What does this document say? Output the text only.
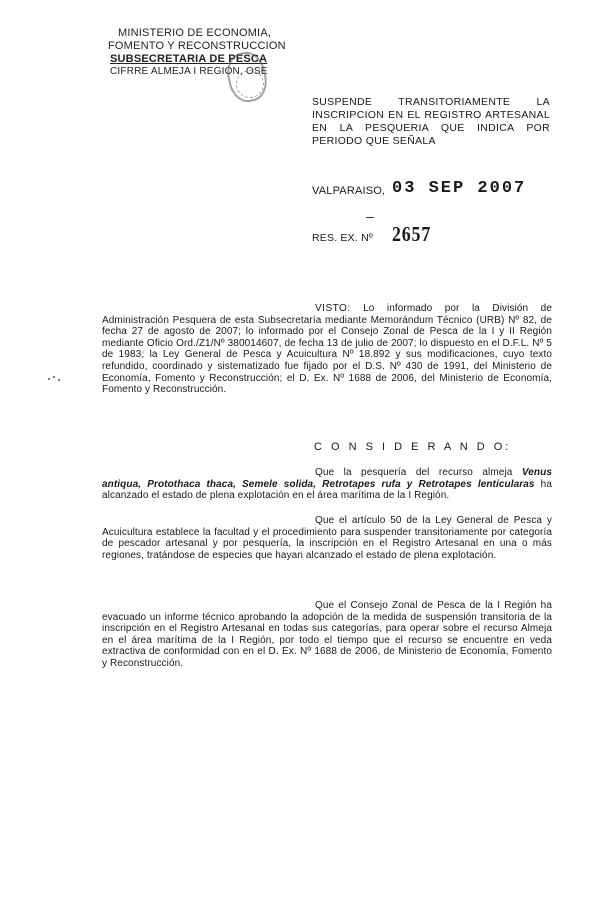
MINISTERIO DE ECONOMIA,
FOMENTO Y RECONSTRUCCION
SUBSECRETARIA DE PESCA
CIFRRE ALMEJA I REGION, OSE
SUSPENDE TRANSITORIAMENTE LA INSCRIPCION EN EL REGISTRO ARTESANAL EN LA PESQUERIA QUE INDICA POR PERIODO QUE SEÑALA
VALPARAISO, 03 SEP 2007
RES. EX. Nº 2657
VISTO: Lo informado por la División de Administración Pesquera de esta Subsecretaría mediante Memorándum Técnico (URB) Nº 82, de fecha 27 de agosto de 2007; lo informado por el Consejo Zonal de Pesca de la I y II Región mediante Oficio Ord./Z1/Nº 380014607, de fecha 13 de julio de 2007; lo dispuesto en el D.F.L. Nº 5 de 1983; la Ley General de Pesca y Acuicultura Nº 18.892 y sus modificaciones, cuyo texto refundido, coordinado y sistematizado fue fijado por el D.S. Nº 430 de 1991, del Ministerio de Economía, Fomento y Reconstrucción; el D. Ex. Nº 1688 de 2006, del Ministerio de Economía, Fomento y Reconstrucción.
C O N S I D E R A N D O:
Que la pesquería del recurso almeja Venus antiqua, Protothaca thaca, Semele solida, Retrotapes rufa y Retrotapes lenticularas ha alcanzado el estado de plena explotación en el área marítima de la I Región.
Que el artículo 50 de la Ley General de Pesca y Acuicultura establece la facultad y el procedimiento para suspender transitoriamente por categoría de pescador artesanal y por pesquería, la inscripción en el Registro Artesanal en una o más regiones, tratándose de especies que hayan alcanzado el estado de plena explotación.
Que el Consejo Zonal de Pesca de la I Región ha evacuado un informe técnico aprobando la adopción de la medida de suspensión transitoria de la inscripción en el Registro Artesanal en todas sus categorías, para operar sobre el recurso Almeja en el área marítima de la I Región, por todo el tiempo que el recurso se encuentre en veda extractiva de conformidad con en el D. Ex. Nº 1688 de 2006, de Ministerio de Economía, Fomento y Reconstrucción.
